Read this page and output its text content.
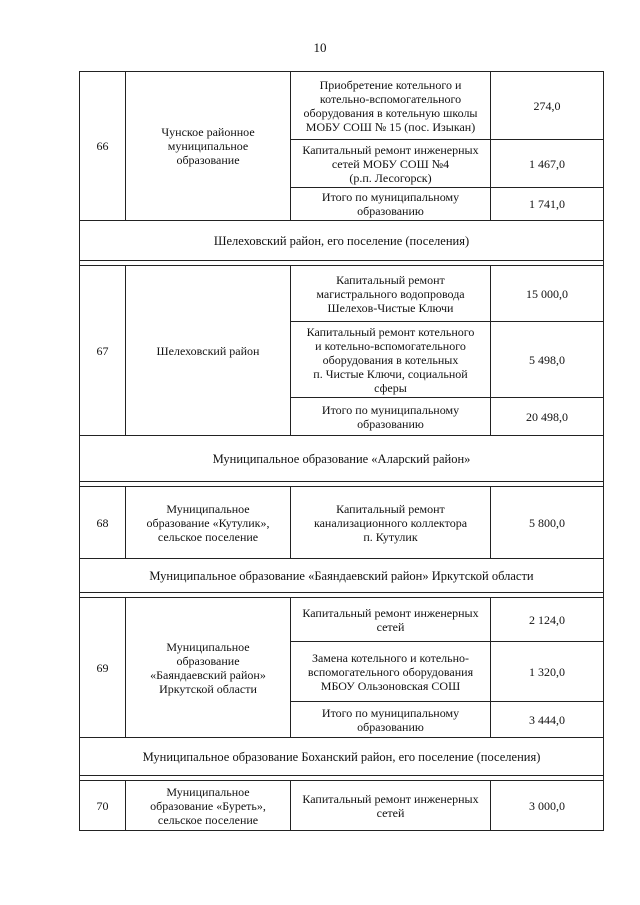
10
66	Чунское районное
муниципальное
образование	Приобретение котельного и
котельно-вспомогательного
оборудования в котельную школы
МОБУ СОШ № 15 (пос. Изыкан)	274,0
		Капитальный ремонт инженерных
сетей МОБУ СОШ №4
(р.п. Лесогорск)	1 467,0
		Итого по муниципальному
образованию	1 741,0
Шелеховский район, его поселение (поселения)			

67	Шелеховский район	Капитальный ремонт
магистрального водопровода
Шелехов-Чистые Ключи	15 000,0
		Капитальный ремонт котельного
и котельно-вспомогательного
оборудования в котельных
п. Чистые Ключи, социальной
сферы	5 498,0
		Итого по муниципальному
образованию	20 498,0
Муниципальное образование «Аларский район»			

68	Муниципальное
образование «Кутулик»,
сельское поселение	Капитальный ремонт
канализационного коллектора
п. Кутулик	5 800,0
Муниципальное образование «Баяндаевский район» Иркутской области			

69	Муниципальное
образование
«Баяндаевский район»
Иркутской области	Капитальный ремонт инженерных
сетей	2 124,0
		Замена котельного и котельно-
вспомогательного оборудования
МБОУ Ользоновская СОШ	1 320,0
		Итого по муниципальному
образованию	3 444,0
Муниципальное образование Боханский район, его поселение (поселения)			

70	Муниципальное
образование «Буреть»,
сельское поселение	Капитальный ремонт инженерных
сетей	3 000,0
